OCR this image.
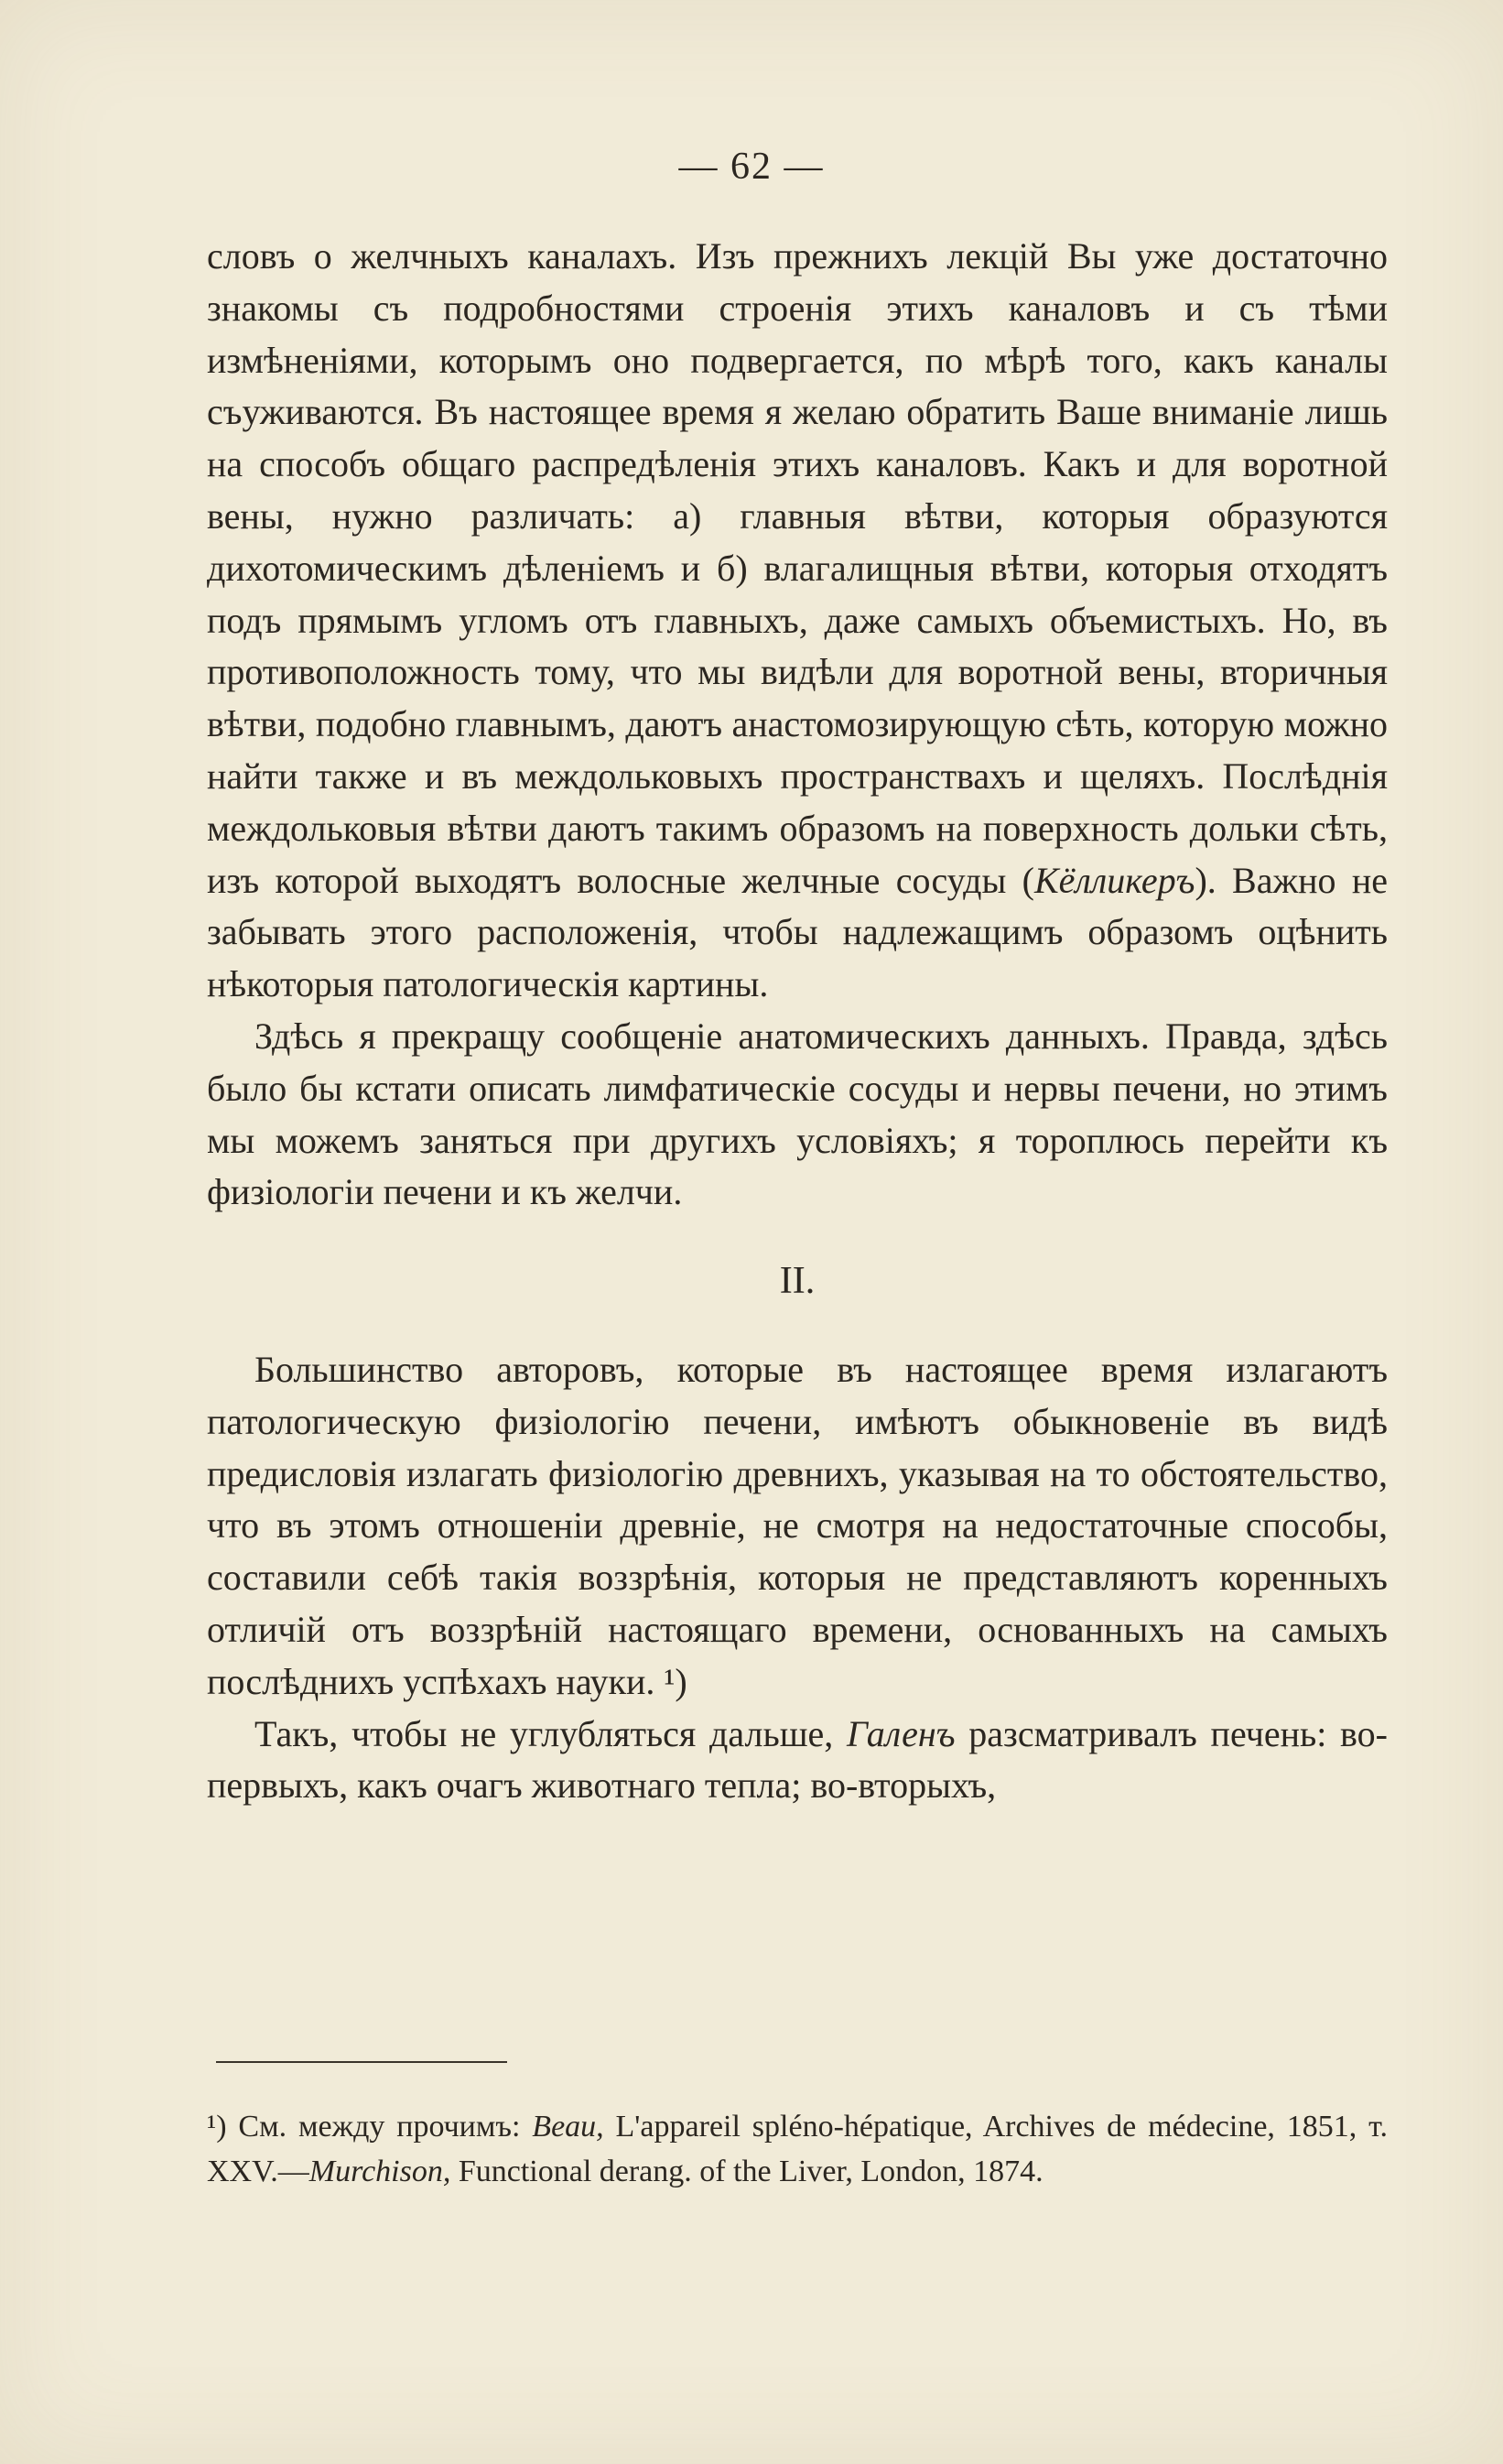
— 62 —

словъ о желчныхъ каналахъ. Изъ прежнихъ лекцій Вы уже достаточно знакомы съ подробностями строенія этихъ каналовъ и съ тѣми измѣненіями, которымъ оно подвергается, по мѣрѣ того, какъ каналы съуживаются. Въ настоящее время я желаю обратить Ваше вниманіе лишь на способъ общаго распредѣленія этихъ каналовъ. Какъ и для воротной вены, нужно различать: а) главныя вѣтви, которыя образуются дихотомическимъ дѣленіемъ и б) влагалищныя вѣтви, которыя отходятъ подъ прямымъ угломъ отъ главныхъ, даже самыхъ объемистыхъ. Но, въ противоположность тому, что мы видѣли для воротной вены, вторичныя вѣтви, подобно главнымъ, даютъ анастомозирующую сѣть, которую можно найти также и въ междольковыхъ пространствахъ и щеляхъ. Послѣднія междольковыя вѣтви даютъ такимъ образомъ на поверхность дольки сѣть, изъ которой выходятъ волосные желчные сосуды (Кёлликеръ). Важно не забывать этого расположенія, чтобы надлежащимъ образомъ оцѣнить нѣкоторыя патологическія картины.

Здѣсь я прекращу сообщеніе анатомическихъ данныхъ. Правда, здѣсь было бы кстати описать лимфатическіе сосуды и нервы печени, но этимъ мы можемъ заняться при другихъ условіяхъ; я тороплюсь перейти къ физіологіи печени и къ желчи.

II.

Большинство авторовъ, которые въ настоящее время излагаютъ патологическую физіологію печени, имѣютъ обыкновеніе въ видѣ предисловія излагать физіологію древнихъ, указывая на то обстоятельство, что въ этомъ отношеніи древніе, не смотря на недостаточные способы, составили себѣ такія воззрѣнія, которыя не представляютъ коренныхъ отличій отъ воззрѣній настоящаго времени, основанныхъ на самыхъ послѣднихъ успѣхахъ науки. ¹)

Такъ, чтобы не углубляться дальше, Галенъ разсматривалъ печень: во-первыхъ, какъ очагъ животнаго тепла; во-вторыхъ,

¹) См. между прочимъ: Beau, L'appareil spléno-hépatique, Archives de médecine, 1851, т. XXV.—Murchison, Functional derang. of the Liver, London, 1874.
